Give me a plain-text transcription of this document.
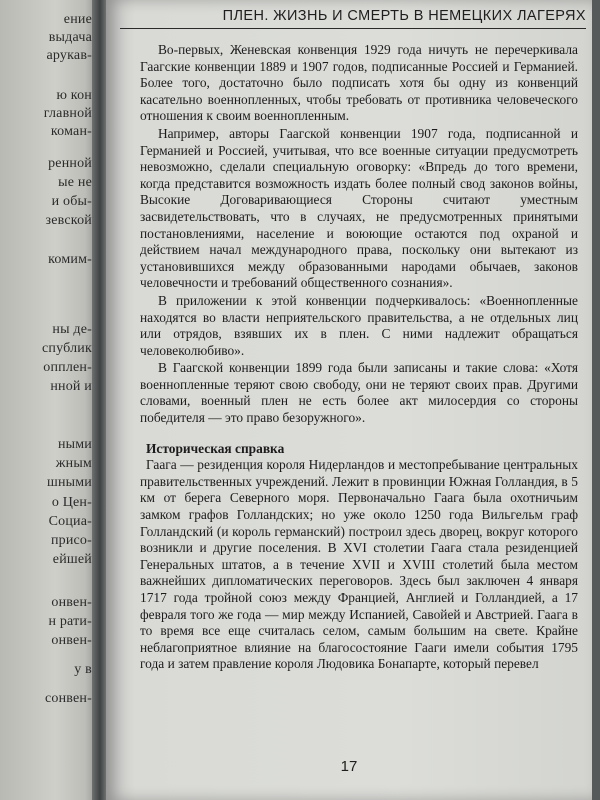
ение
выдача
арукав-
ю кон
главной
коман-
ренной
ые не
и обы-
зевской
комим-
ны де-
спублик
опплен-
нной и
ными
жным
шными
о Цен-
Социа-
присо-
ейшей
онвен-
н рати-
онвен-
у в
сонвен-
ПЛЕН. ЖИЗНЬ И СМЕРТЬ В НЕМЕЦКИХ ЛАГЕРЯХ

Во-первых, Женевская конвенция 1929 года ничуть не перечеркивала Гаагские конвенции 1889 и 1907 годов, подписанные Россией и Германией. Более того, достаточно было подписать хотя бы одну из конвенций касательно военнопленных, чтобы требовать от противника человеческого отношения к своим военнопленным.

Например, авторы Гаагской конвенции 1907 года, подписанной и Германией и Россией, учитывая, что все военные ситуации предусмотреть невозможно, сделали специальную оговорку: «Впредь до того времени, когда представится возможность издать более полный свод законов войны, Высокие Договаривающиеся Стороны считают уместным засвидетельствовать, что в случаях, не предусмотренных принятыми постановлениями, население и воюющие остаются под охраной и действием начал международного права, поскольку они вытекают из установившихся между образованными народами обычаев, законов человечности и требований общественного сознания».

В приложении к этой конвенции подчеркивалось: «Военнопленные находятся во власти неприятельского правительства, а не отдельных лиц или отрядов, взявших их в плен. С ними надлежит обращаться человеколюбиво».

В Гаагской конвенции 1899 года были записаны и такие слова: «Хотя военнопленные теряют свою свободу, они не теряют своих прав. Другими словами, военный плен не есть более акт милосердия со стороны победителя — это право безоружного».

Историческая справка

Гаага — резиденция короля Нидерландов и местопребывание центральных правительственных учреждений. Лежит в провинции Южная Голландия, в 5 км от берега Северного моря. Первоначально Гаага была охотничьим замком графов Голландских; но уже около 1250 года Вильгельм граф Голландский (и король германский) построил здесь дворец, вокруг которого возникли и другие поселения. В XVI столетии Гаага стала резиденцией Генеральных штатов, а в течение XVII и XVIII столетий была местом важнейших дипломатических переговоров. Здесь был заключен 4 января 1717 года тройной союз между Францией, Англией и Голландией, а 17 февраля того же года — мир между Испанией, Савойей и Австрией. Гаага в то время все еще считалась селом, самым большим на свете. Крайне неблагоприятное влияние на благосостояние Гааги имели события 1795 года и затем правление короля Людовика Бонапарте, который перевел

17
